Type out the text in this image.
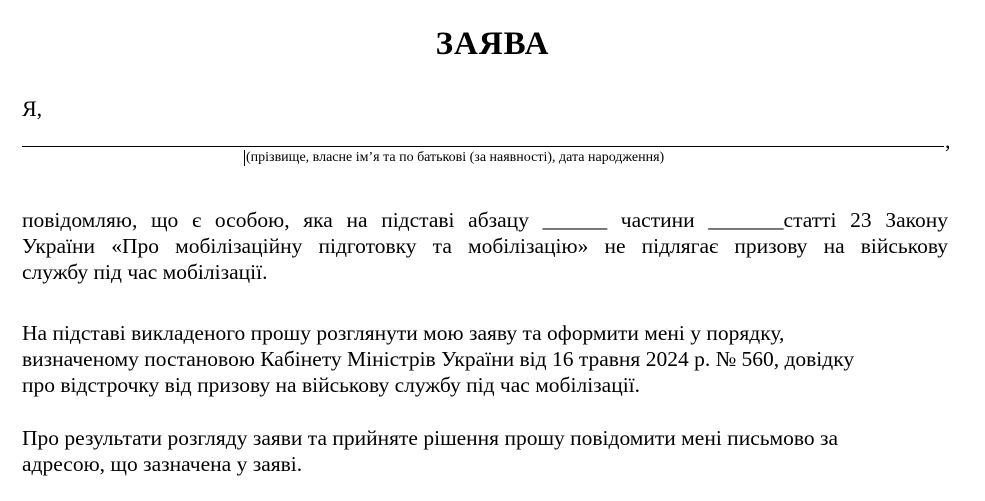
ЗАЯВА
Я,
,
(прізвище, власне ім’я та по батькові (за наявності), дата народження)
повідомляю, що є особою, яка на підставі абзацу ______ частини _______статті 23 Закону
України «Про мобілізаційну підготовку та мобілізацію» не підлягає призову на військову
службу під час мобілізації.
На підставі викладеного прошу розглянути мою заяву та оформити мені у порядку,
визначеному постановою Кабінету Міністрів України від 16 травня 2024 р. № 560, довідку
про відстрочку від призову на військову службу під час мобілізації.
Про результати розгляду заяви та прийняте рішення прошу повідомити мені письмово за
адресою, що зазначена у заяві.
